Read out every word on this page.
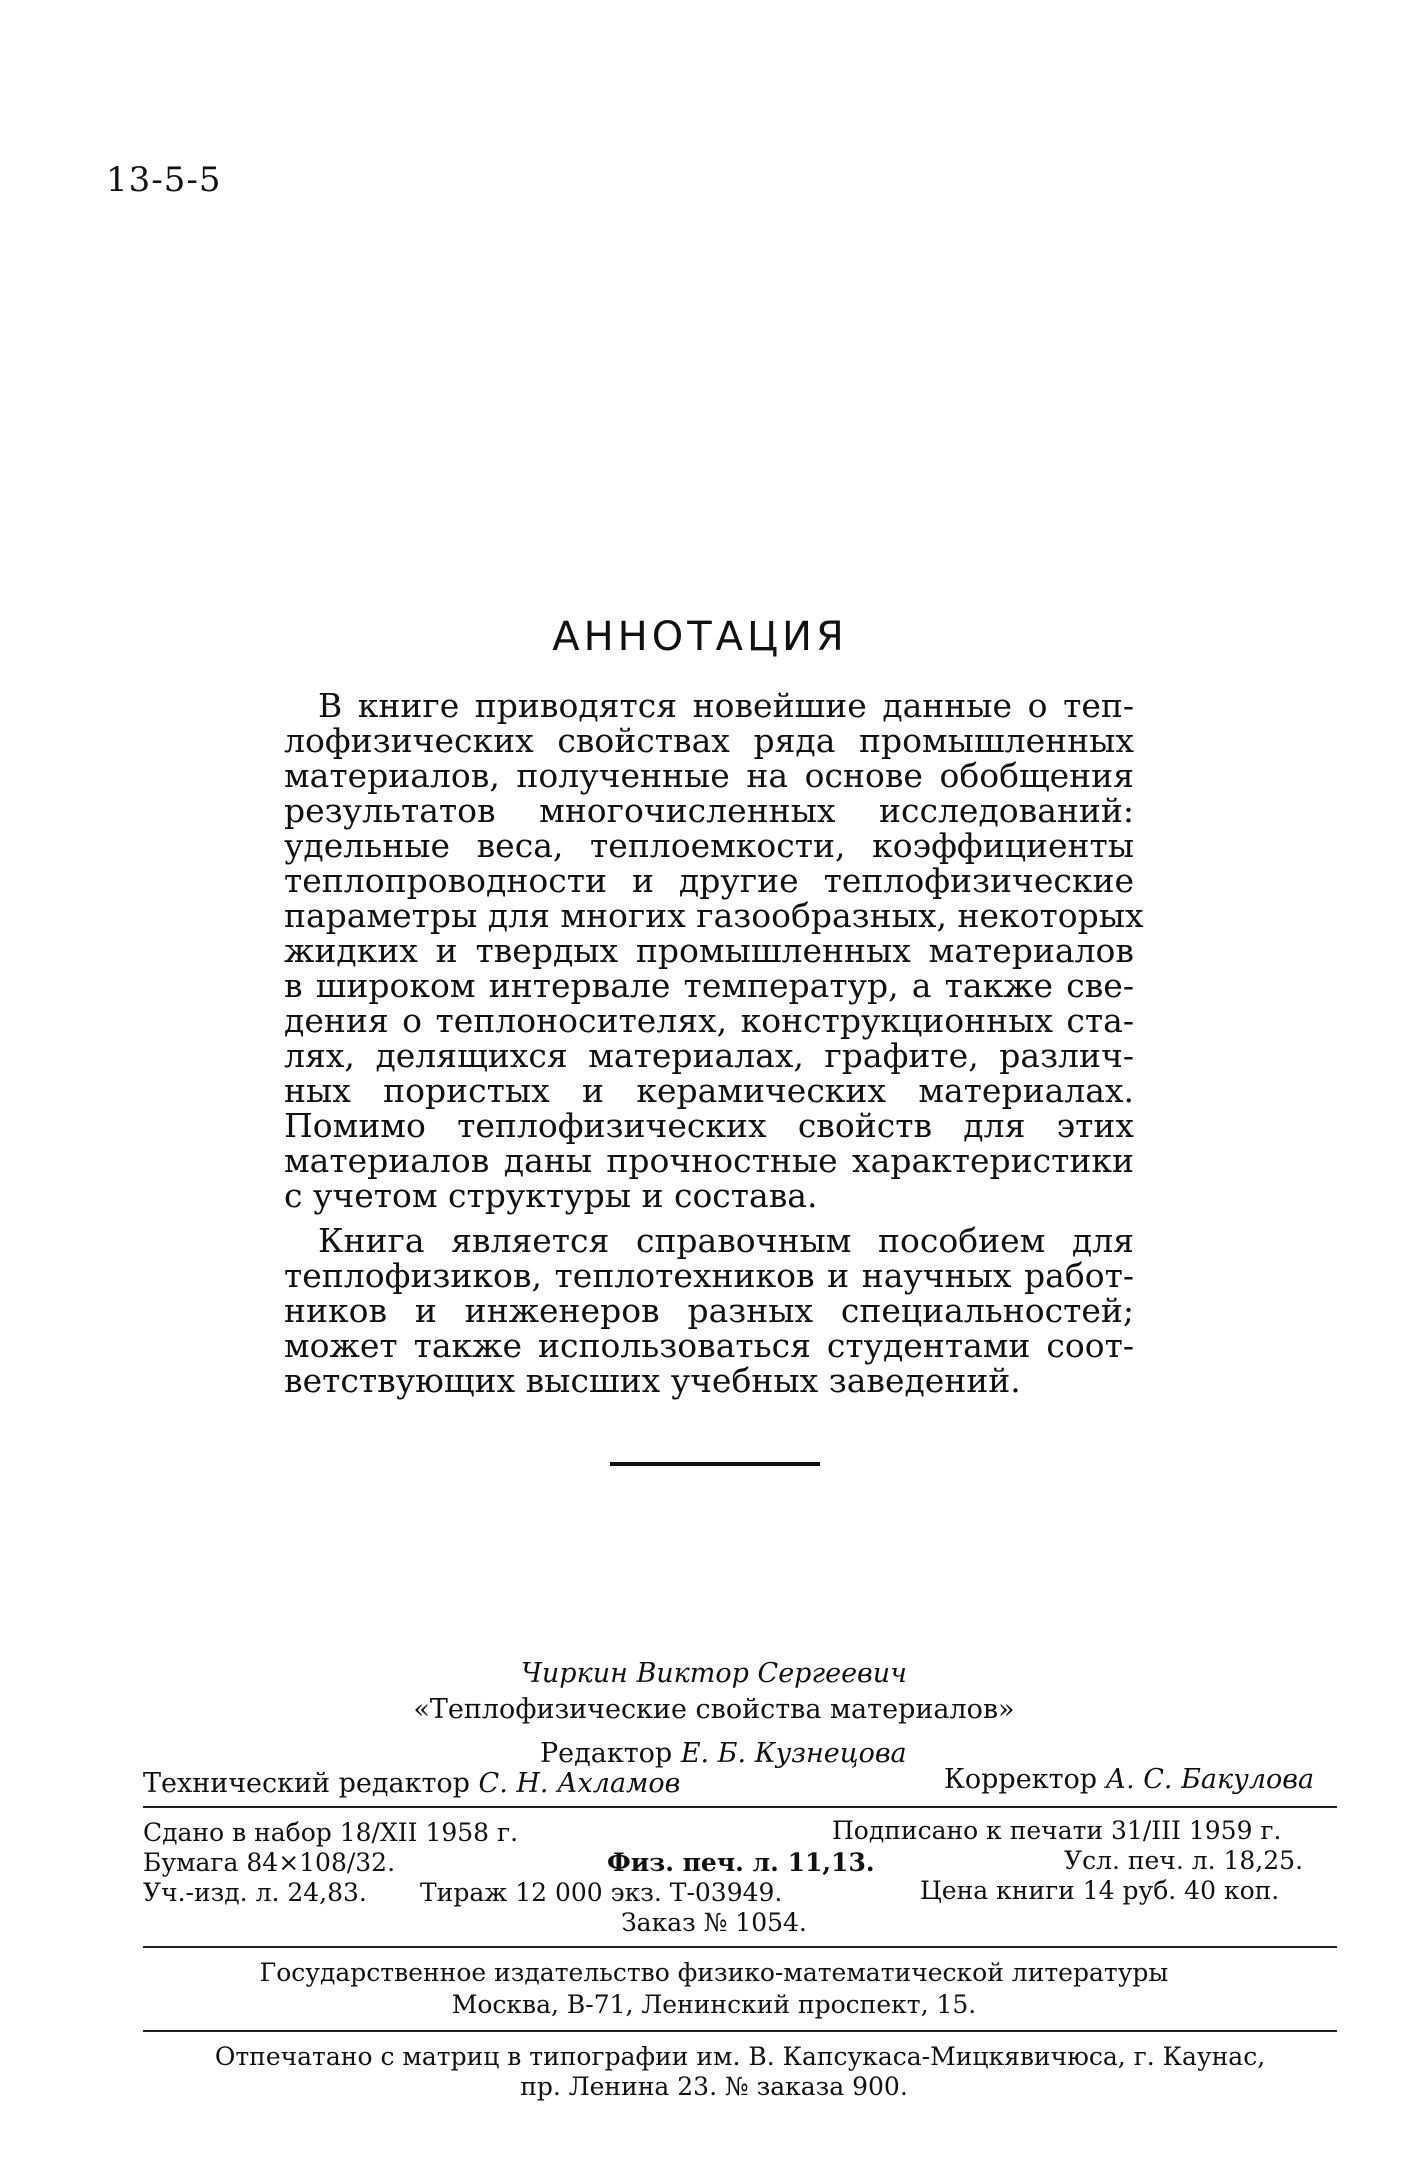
13-5-5
АННОТАЦИЯ
В книге приводятся новейшие данные о теп-
лофизических свойствах ряда промышленных
материалов, полученные на основе обобщения
результатов многочисленных исследований:
удельные веса, теплоемкости, коэффициенты
теплопроводности и другие теплофизические
параметры для многих газообразных, некоторых
жидких и твердых промышленных материалов
в широком интервале температур, а также све-
дения о теплоносителях, конструкционных ста-
лях, делящихся материалах, графите, различ-
ных пористых и керамических материалах.
Помимо теплофизических свойств для этих
материалов даны прочностные характеристики
с учетом структуры и состава.
Книга является справочным пособием для
теплофизиков, теплотехников и научных работ-
ников и инженеров разных специальностей;
может также использоваться студентами соот-
ветствующих высших учебных заведений.
Чиркин Виктор Сергеевич
«Теплофизические свойства материалов»
Редактор Е. Б. Кузнецова
Технический редактор С. Н. Ахламов	Корректор А. С. Бакулова
Сдано в набор 18/XII 1958 г.	Подписано к печати 31/III 1959 г.
Бумага 84×108/32.	Физ. печ. л. 11,13.	Усл. печ. л. 18,25.
Уч.-изд. л. 24,83. Тираж 12 000 экз. Т-03949.	Цена книги 14 руб. 40 коп.
Заказ № 1054.
Государственное издательство физико-математической литературы
Москва, В-71, Ленинский проспект, 15.
Отпечатано с матриц в типографии им. В. Капсукаса-Мицкявичюса, г. Каунас,
пр. Ленина 23. № заказа 900.
